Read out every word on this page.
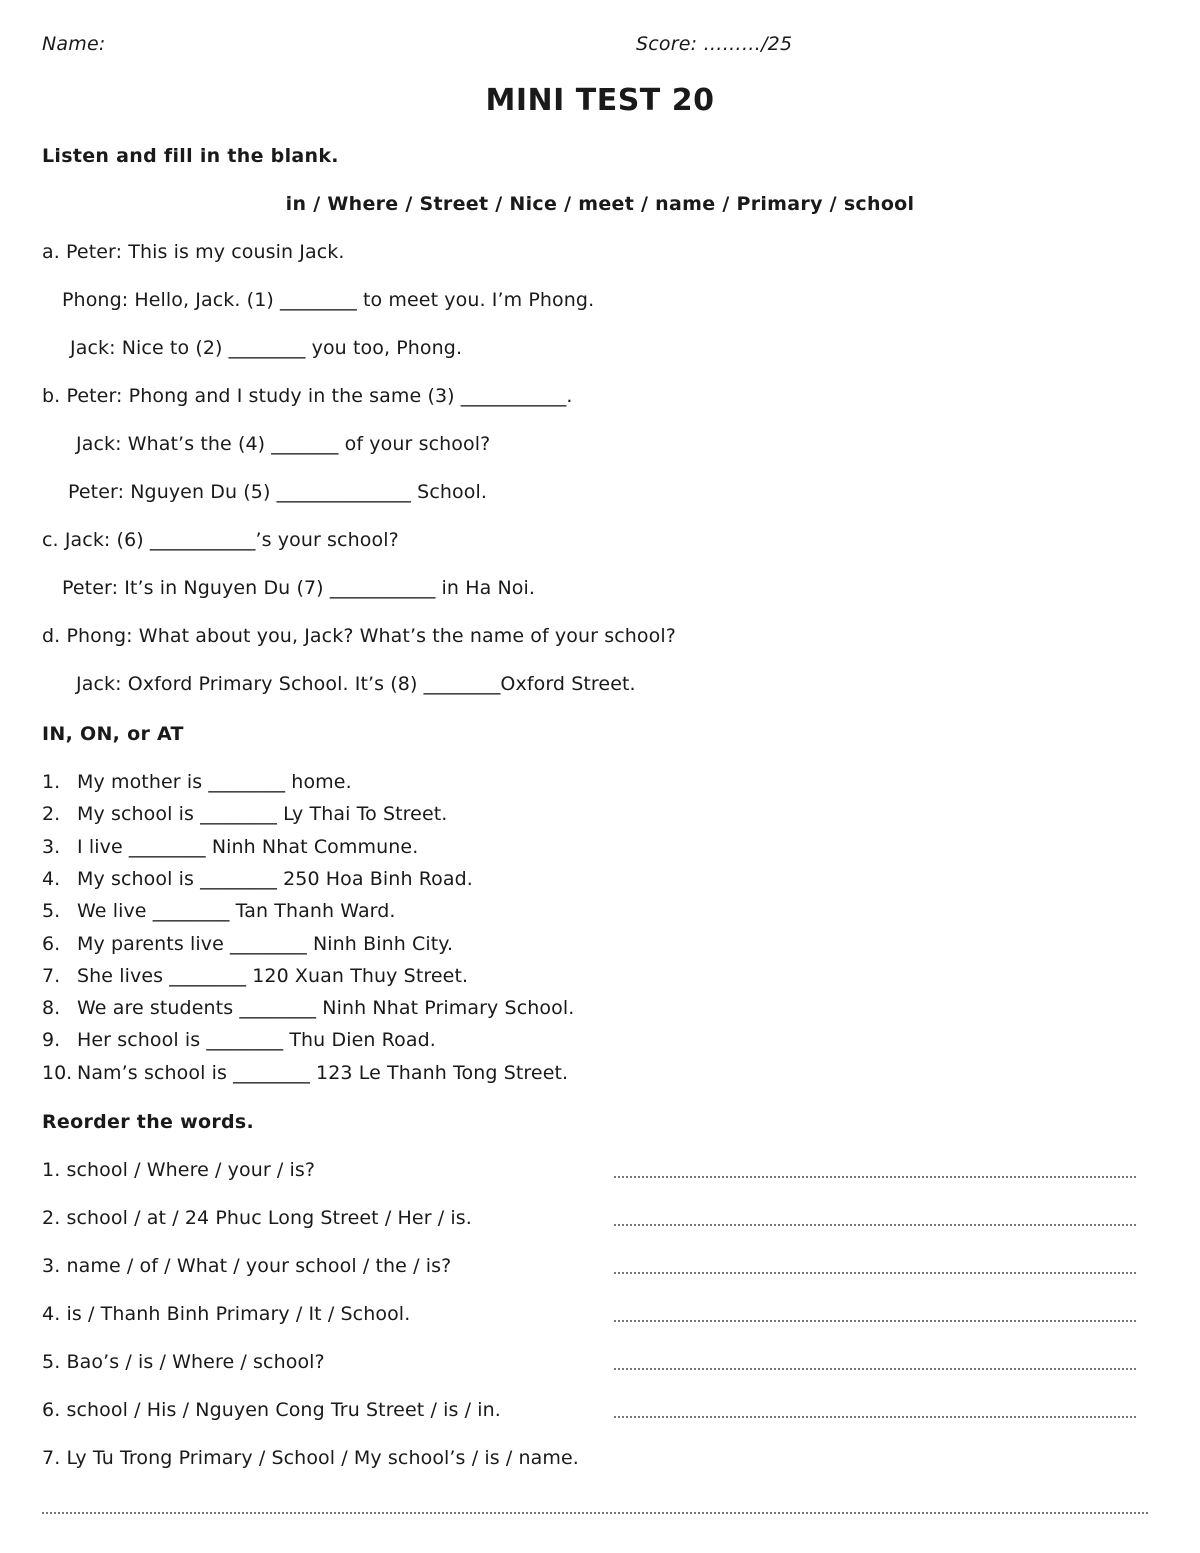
Name:	Score: ………/25
MINI TEST 20
Listen and fill in the blank.
in / Where / Street / Nice / meet / name / Primary / school
a. Peter: This is my cousin Jack.
Phong: Hello, Jack. (1) ________ to meet you. I’m Phong.
Jack: Nice to (2) ________ you too, Phong.
b. Peter: Phong and I study in the same (3) ___________.
Jack: What’s the (4) _______ of your school?
Peter: Nguyen Du (5) ______________ School.
c. Jack: (6) ___________’s your school?
Peter: It’s in Nguyen Du (7) ___________ in Ha Noi.
d. Phong: What about you, Jack? What’s the name of your school?
Jack: Oxford Primary School. It’s (8) ________Oxford Street.
IN, ON, or AT
1. My mother is ________ home.
2. My school is ________ Ly Thai To Street.
3. I live ________ Ninh Nhat Commune.
4. My school is ________ 250 Hoa Binh Road.
5. We live ________ Tan Thanh Ward.
6. My parents live ________ Ninh Binh City.
7. She lives ________ 120 Xuan Thuy Street.
8. We are students ________ Ninh Nhat Primary School.
9. Her school is ________ Thu Dien Road.
10. Nam’s school is ________ 123 Le Thanh Tong Street.
Reorder the words.
1. school / Where / your / is?
2. school / at / 24 Phuc Long Street / Her / is.
3. name / of / What / your school / the / is?
4. is / Thanh Binh Primary / It / School.
5. Bao’s / is / Where / school?
6. school / His / Nguyen Cong Tru Street / is / in.
7. Ly Tu Trong Primary / School / My school’s / is / name.
